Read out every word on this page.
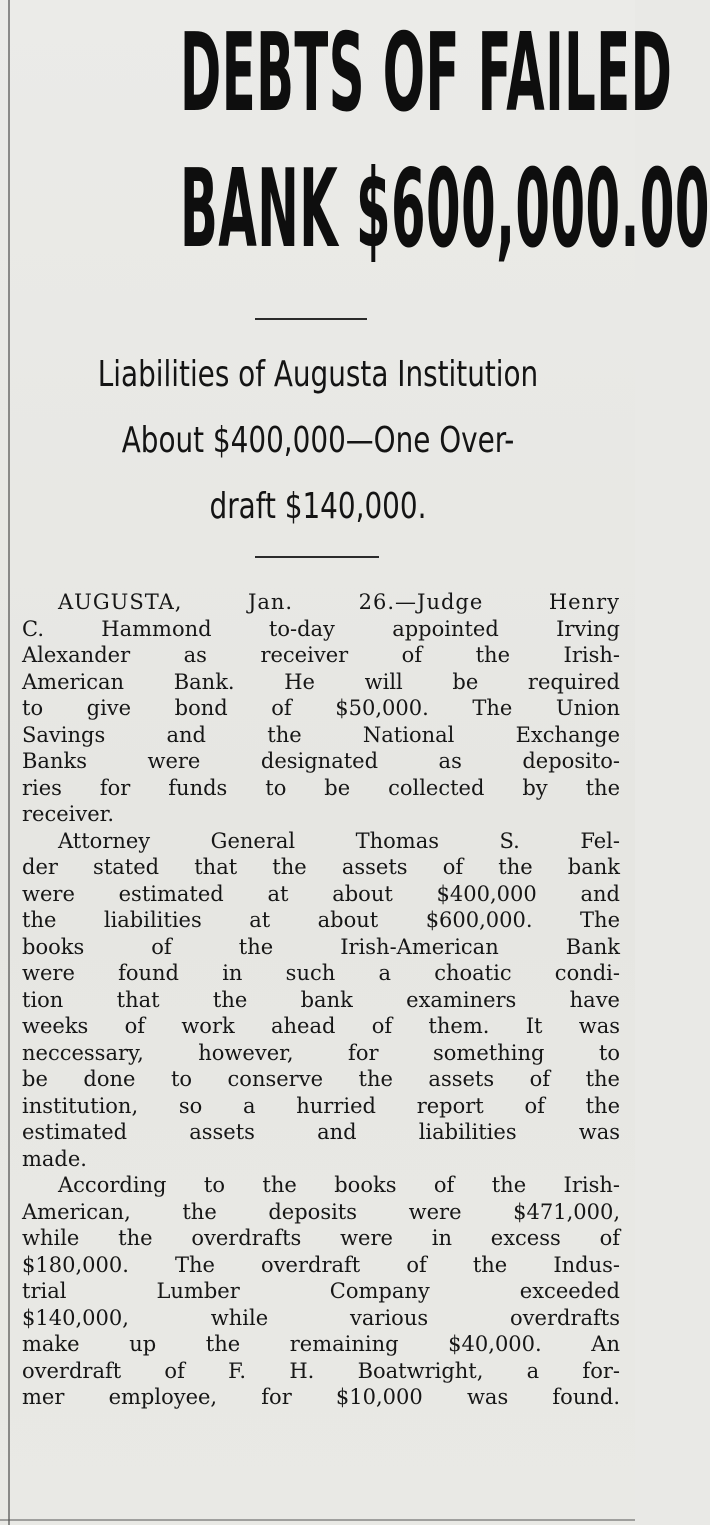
DEBTS OF FAILED
BANK $600,000.00
Liabilities of Augusta Institution
About $400,000—One Over-
draft $140,000.
AUGUSTA, Jan. 26.—Judge Henry
C. Hammond to-day appointed Irving
Alexander as receiver of the Irish-
American Bank. He will be required
to give bond of $50,000. The Union
Savings and the National Exchange
Banks were designated as deposito-
ries for funds to be collected by the
receiver.
Attorney General Thomas S. Fel-
der stated that the assets of the bank
were estimated at about $400,000 and
the liabilities at about $600,000. The
books of the Irish-American Bank
were found in such a choatic condi-
tion that the bank examiners have
weeks of work ahead of them. It was
neccessary, however, for something to
be done to conserve the assets of the
institution, so a hurried report of the
estimated assets and liabilities was
made.
According to the books of the Irish-
American, the deposits were $471,000,
while the overdrafts were in excess of
$180,000. The overdraft of the Indus-
trial Lumber Company exceeded
$140,000, while various overdrafts
make up the remaining $40,000. An
overdraft of F. H. Boatwright, a for-
mer employee, for $10,000 was found.
